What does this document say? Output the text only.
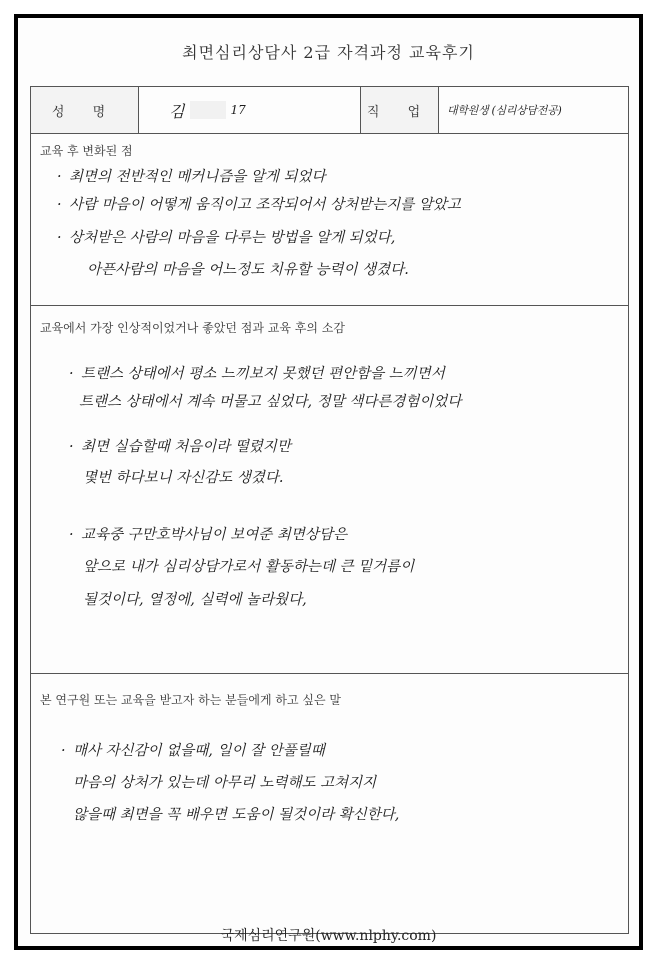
최면심리상담사 2급 자격과정 교육후기
성 명	김	17	직 업	대학원생 (심리상담전공)
교육 후 변화된 점
· 최면의 전반적인 메커니즘을 알게 되었다
· 사람 마음이 어떻게 움직이고 조작되어서 상처받는지를 알았고
· 상처받은 사람의 마음을 다루는 방법을 알게 되었다,
아픈사람의 마음을 어느정도 치유할 능력이 생겼다.
교육에서 가장 인상적이었거나 좋았던 점과 교육 후의 소감
· 트랜스 상태에서 평소 느끼보지 못했던 편안함을 느끼면서
트랜스 상태에서 계속 머물고 싶었다, 정말 색다른경험이었다
· 최면 실습할때 처음이라 떨렸지만
몇번 하다보니 자신감도 생겼다.
· 교육중 구만호박사님이 보여준 최면상담은
앞으로 내가 심리상담가로서 활동하는데 큰 밑거름이
될것이다, 열정에, 실력에 놀라웠다,
본 연구원 또는 교육을 받고자 하는 분들에게 하고 싶은 말
· 매사 자신감이 없을때, 일이 잘 안풀릴때
마음의 상처가 있는데 아무리 노력해도 고쳐지지
않을때 최면을 꼭 배우면 도움이 될것이라 확신한다,
국제심리연구원(www.nlphy.com)
